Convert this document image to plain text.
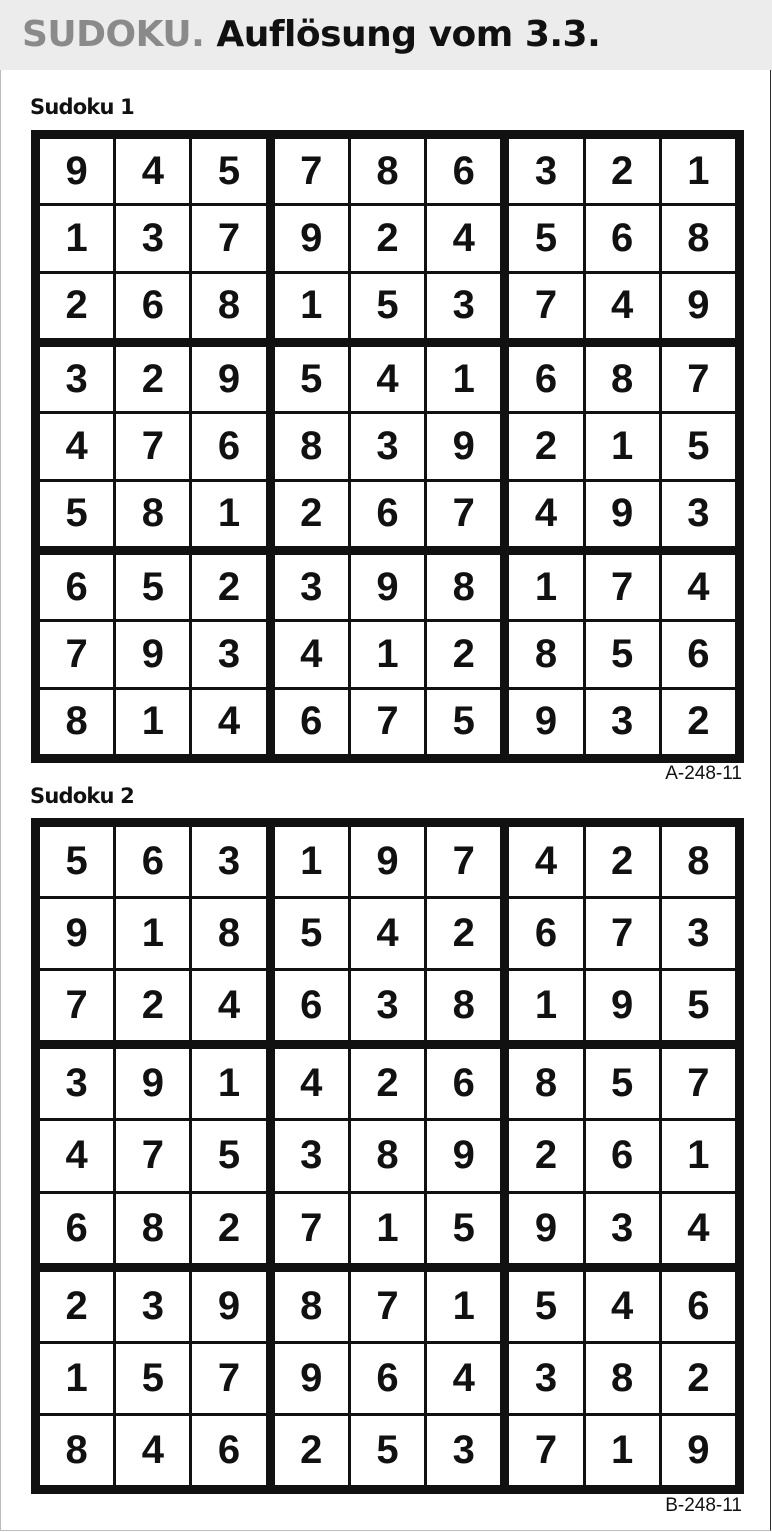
SUDOKU. Auflösung vom 3.3.
Sudoku 1
9	4	5	7	8	6	3	2	1
1	3	7	9	2	4	5	6	8
2	6	8	1	5	3	7	4	9
3	2	9	5	4	1	6	8	7
4	7	6	8	3	9	2	1	5
5	8	1	2	6	7	4	9	3
6	5	2	3	9	8	1	7	4
7	9	3	4	1	2	8	5	6
8	1	4	6	7	5	9	3	2
A-248-11
Sudoku 2
5	6	3	1	9	7	4	2	8
9	1	8	5	4	2	6	7	3
7	2	4	6	3	8	1	9	5
3	9	1	4	2	6	8	5	7
4	7	5	3	8	9	2	6	1
6	8	2	7	1	5	9	3	4
2	3	9	8	7	1	5	4	6
1	5	7	9	6	4	3	8	2
8	4	6	2	5	3	7	1	9
B-248-11
